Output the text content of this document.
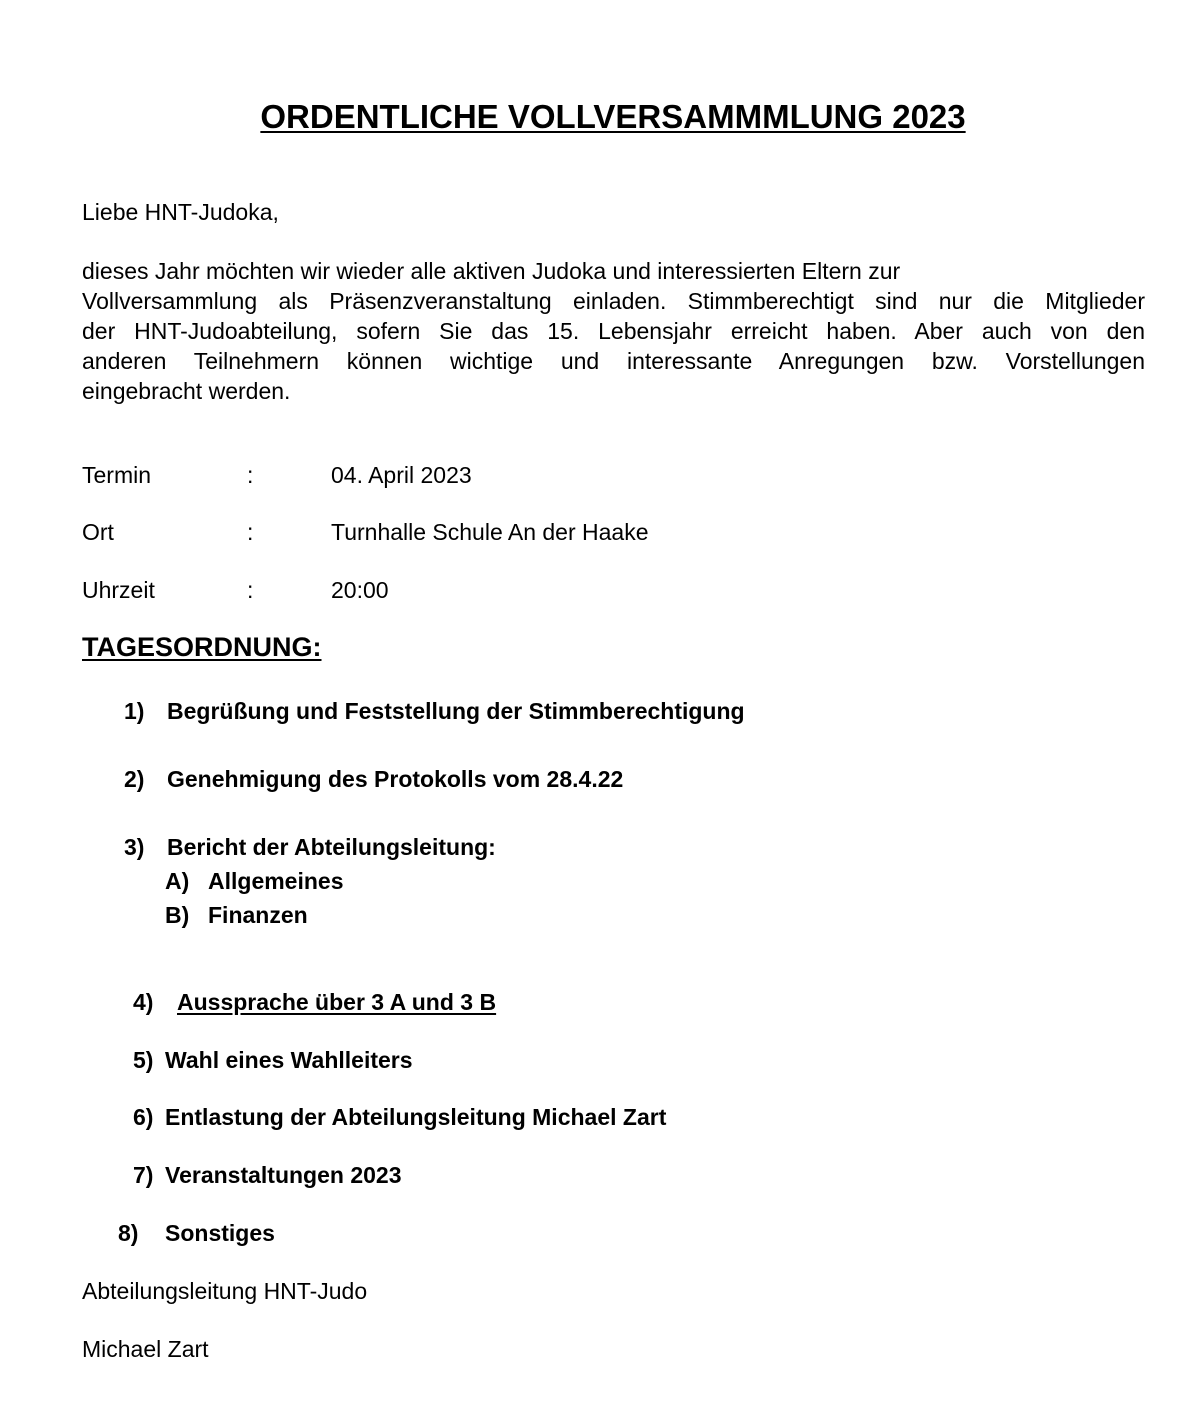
ORDENTLICHE VOLLVERSAMMMLUNG 2023
Liebe HNT-Judoka,
dieses Jahr möchten wir wieder alle aktiven Judoka und interessierten Eltern zur
Vollversammlung als Präsenzveranstaltung einladen. Stimmberechtigt sind nur die Mitglieder
der HNT-Judoabteilung, sofern Sie das 15. Lebensjahr erreicht haben. Aber auch von den
anderen Teilnehmern können wichtige und interessante Anregungen bzw. Vorstellungen
eingebracht werden.
Termin	:	04. April 2023
Ort	:	Turnhalle Schule An der Haake
Uhrzeit	:	20:00
TAGESORDNUNG:
1) Begrüßung und Feststellung der Stimmberechtigung
2) Genehmigung des Protokolls vom 28.4.22
3) Bericht der Abteilungsleitung:
A) Allgemeines
B) Finanzen
4) Aussprache über 3 A und 3 B
5) Wahl eines Wahlleiters
6) Entlastung der Abteilungsleitung Michael Zart
7) Veranstaltungen 2023
8) Sonstiges
Abteilungsleitung HNT-Judo
Michael Zart
